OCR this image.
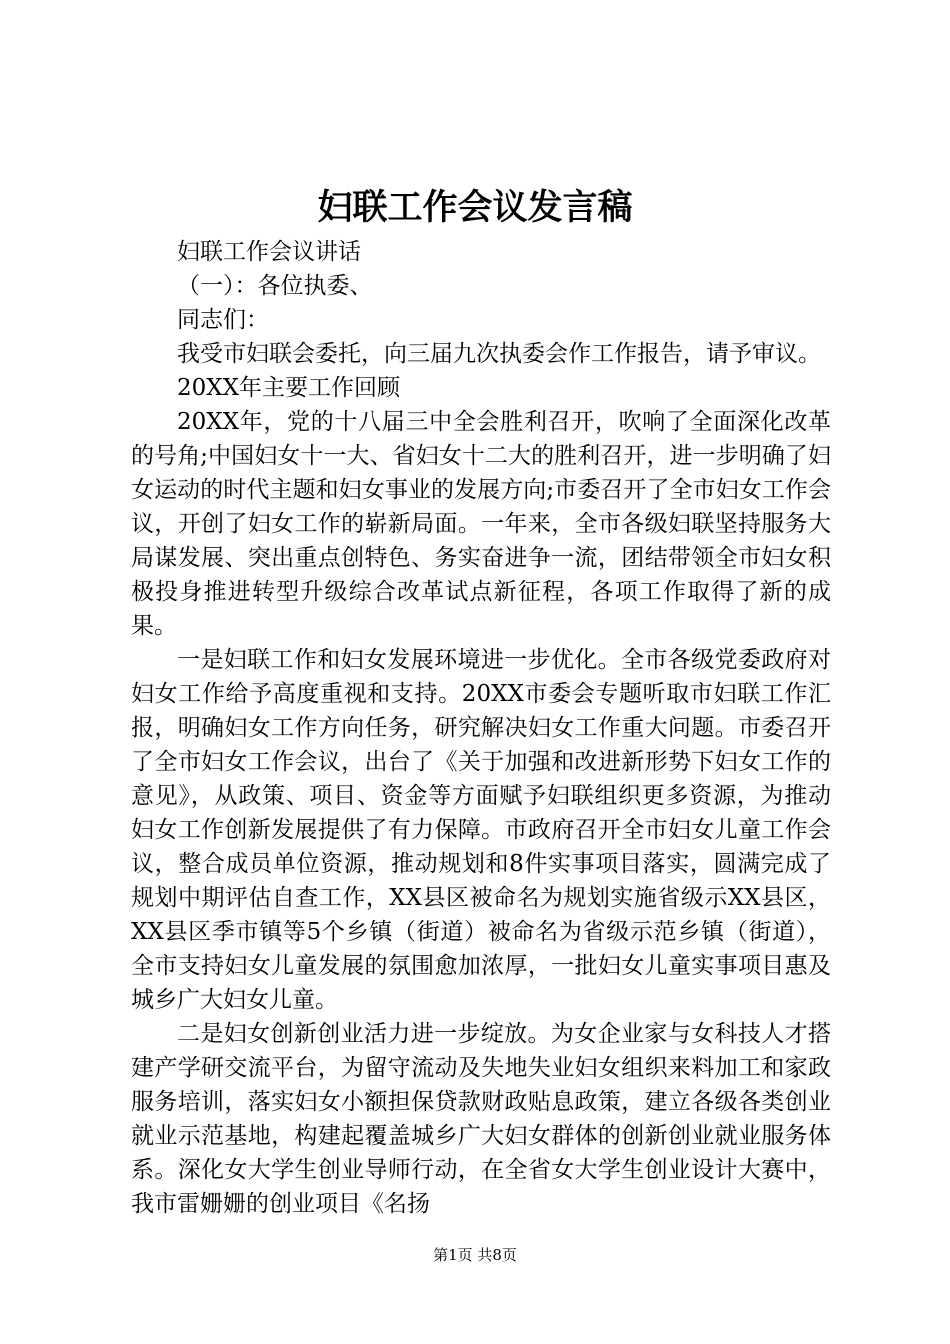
妇联工作会议发言稿

妇联工作会议讲话

（一）：各位执委、

同志们：

我受市妇联会委托，向三届九次执委会作工作报告，请予审议。

20XX年主要工作回顾

20XX年，党的十八届三中全会胜利召开，吹响了全面深化改革的号角;中国妇女十一大、省妇女十二大的胜利召开，进一步明确了妇女运动的时代主题和妇女事业的发展方向;市委召开了全市妇女工作会议，开创了妇女工作的崭新局面。一年来，全市各级妇联坚持服务大局谋发展、突出重点创特色、务实奋进争一流，团结带领全市妇女积极投身推进转型升级综合改革试点新征程，各项工作取得了新的成果。

一是妇联工作和妇女发展环境进一步优化。全市各级党委政府对妇女工作给予高度重视和支持。20XX市委会专题听取市妇联工作汇报，明确妇女工作方向任务，研究解决妇女工作重大问题。市委召开了全市妇女工作会议，出台了《关于加强和改进新形势下妇女工作的意见》，从政策、项目、资金等方面赋予妇联组织更多资源，为推动妇女工作创新发展提供了有力保障。市政府召开全市妇女儿童工作会议，整合成员单位资源，推动规划和8件实事项目落实，圆满完成了规划中期评估自查工作，XX县区被命名为规划实施省级示XX县区，XX县区季市镇等5个乡镇（街道）被命名为省级示范乡镇（街道），全市支持妇女儿童发展的氛围愈加浓厚，一批妇女儿童实事项目惠及城乡广大妇女儿童。

二是妇女创新创业活力进一步绽放。为女企业家与女科技人才搭建产学研交流平台，为留守流动及失地失业妇女组织来料加工和家政服务培训，落实妇女小额担保贷款财政贴息政策，建立各级各类创业就业示范基地，构建起覆盖城乡广大妇女群体的创新创业就业服务体系。深化女大学生创业导师行动，在全省女大学生创业设计大赛中，我市雷姗姗的创业项目《名扬

第1页 共8页
